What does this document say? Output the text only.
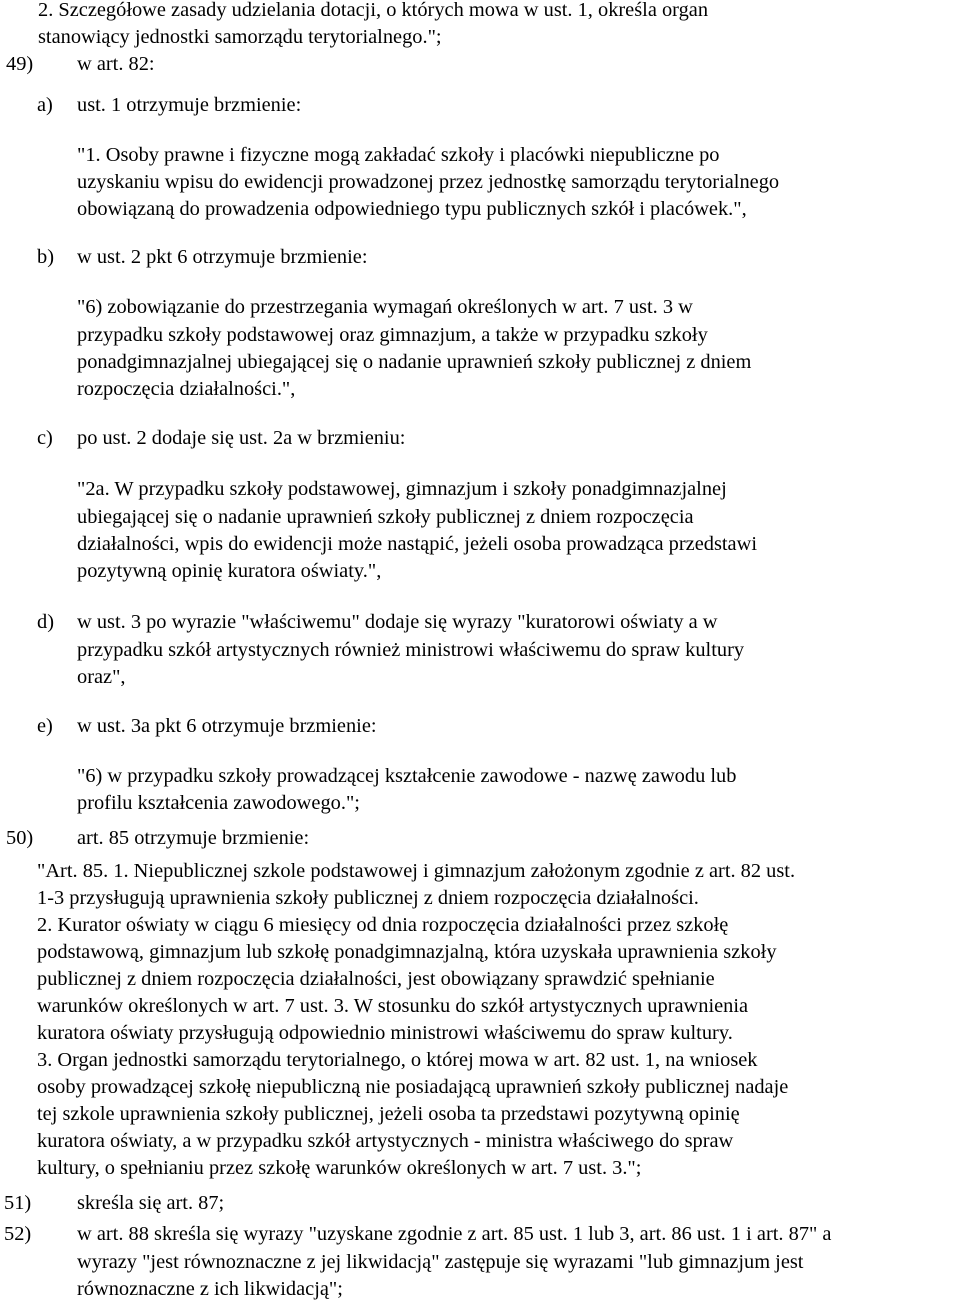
2. Szczegółowe zasady udzielania dotacji, o których mowa w ust. 1, określa organ
stanowiący jednostki samorządu terytorialnego.";
49) w art. 82:
a) ust. 1 otrzymuje brzmienie:
"1. Osoby prawne i fizyczne mogą zakładać szkoły i placówki niepubliczne po
uzyskaniu wpisu do ewidencji prowadzonej przez jednostkę samorządu terytorialnego
obowiązaną do prowadzenia odpowiedniego typu publicznych szkół i placówek.",
b) w ust. 2 pkt 6 otrzymuje brzmienie:
"6) zobowiązanie do przestrzegania wymagań określonych w art. 7 ust. 3 w
przypadku szkoły podstawowej oraz gimnazjum, a także w przypadku szkoły
ponadgimnazjalnej ubiegającej się o nadanie uprawnień szkoły publicznej z dniem
rozpoczęcia działalności.",
c) po ust. 2 dodaje się ust. 2a w brzmieniu:
"2a. W przypadku szkoły podstawowej, gimnazjum i szkoły ponadgimnazjalnej
ubiegającej się o nadanie uprawnień szkoły publicznej z dniem rozpoczęcia
działalności, wpis do ewidencji może nastąpić, jeżeli osoba prowadząca przedstawi
pozytywną opinię kuratora oświaty.",
d) w ust. 3 po wyrazie "właściwemu" dodaje się wyrazy "kuratorowi oświaty a w
przypadku szkół artystycznych również ministrowi właściwemu do spraw kultury
oraz",
e) w ust. 3a pkt 6 otrzymuje brzmienie:
"6) w przypadku szkoły prowadzącej kształcenie zawodowe - nazwę zawodu lub
profilu kształcenia zawodowego.";
50) art. 85 otrzymuje brzmienie:
"Art. 85. 1. Niepublicznej szkole podstawowej i gimnazjum założonym zgodnie z art. 82 ust.
1-3 przysługują uprawnienia szkoły publicznej z dniem rozpoczęcia działalności.
2. Kurator oświaty w ciągu 6 miesięcy od dnia rozpoczęcia działalności przez szkołę
podstawową, gimnazjum lub szkołę ponadgimnazjalną, która uzyskała uprawnienia szkoły
publicznej z dniem rozpoczęcia działalności, jest obowiązany sprawdzić spełnianie
warunków określonych w art. 7 ust. 3. W stosunku do szkół artystycznych uprawnienia
kuratora oświaty przysługują odpowiednio ministrowi właściwemu do spraw kultury.
3. Organ jednostki samorządu terytorialnego, o której mowa w art. 82 ust. 1, na wniosek
osoby prowadzącej szkołę niepubliczną nie posiadającą uprawnień szkoły publicznej nadaje
tej szkole uprawnienia szkoły publicznej, jeżeli osoba ta przedstawi pozytywną opinię
kuratora oświaty, a w przypadku szkół artystycznych - ministra właściwego do spraw
kultury, o spełnianiu przez szkołę warunków określonych w art. 7 ust. 3.";
51) skreśla się art. 87;
52) w art. 88 skreśla się wyrazy "uzyskane zgodnie z art. 85 ust. 1 lub 3, art. 86 ust. 1 i art. 87" a
wyrazy "jest równoznaczne z jej likwidacją" zastępuje się wyrazami "lub gimnazjum jest
równoznaczne z ich likwidacją";
